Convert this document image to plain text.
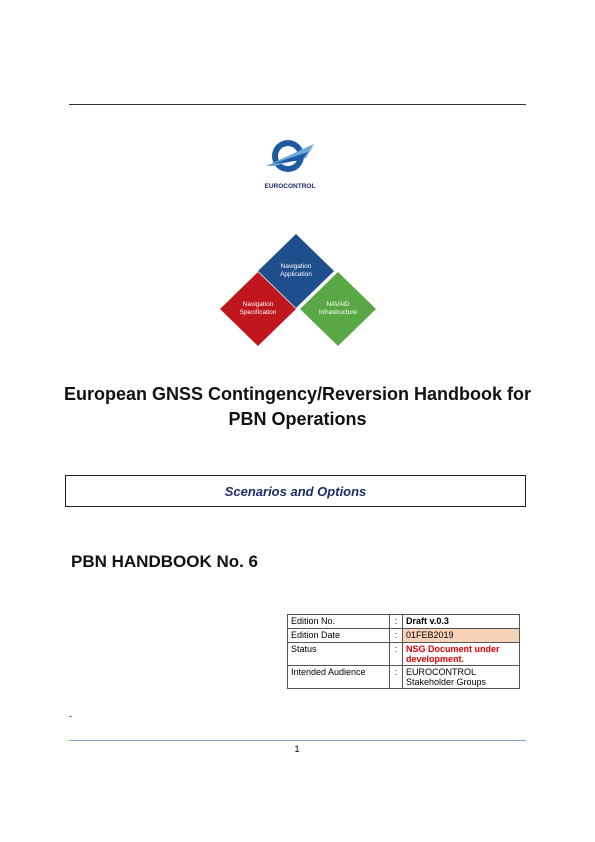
EUROCONTROL
Navigation
Application
Navigation
Specification
NAVAID
Infrastructure
European GNSS Contingency/Reversion Handbook for
PBN Operations
Scenarios and Options
PBN HANDBOOK No. 6
Edition No.	:	Draft v.0.3
Edition Date	:	01FEB2019
Status	:	NSG Document under development.
Intended Audience	:	EUROCONTROL Stakeholder Groups
-
1
